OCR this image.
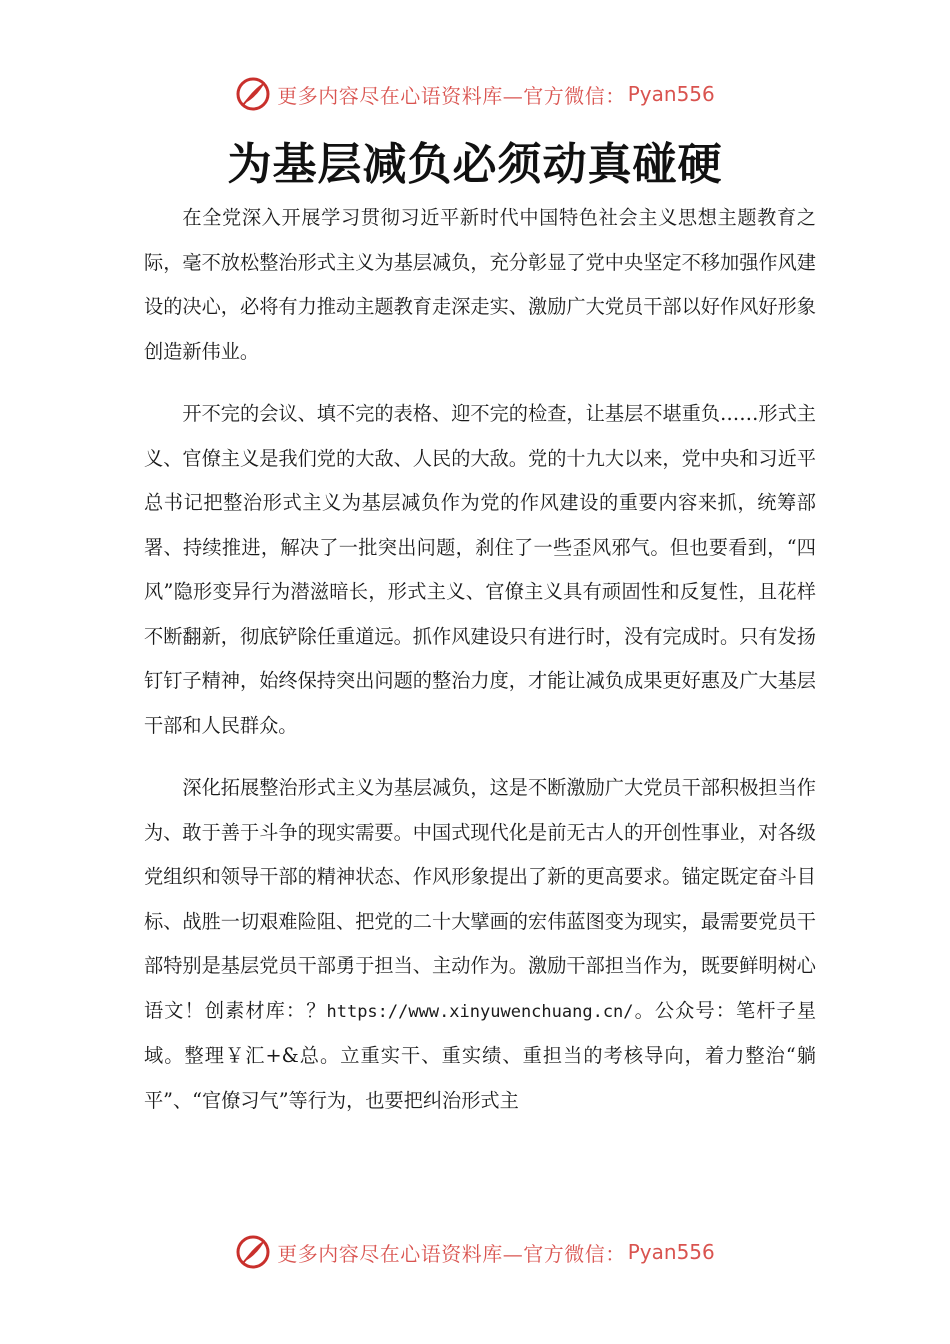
更多内容尽在心语资料库—官方微信： Pyan556
为基层减负必须动真碰硬

在全党深入开展学习贯彻习近平新时代中国特色社会主义思想主题教育之际，毫不放松整治形式主义为基层减负，充分彰显了党中央坚定不移加强作风建设的决心，必将有力推动主题教育走深走实、激励广大党员干部以好作风好形象创造新伟业。

开不完的会议、填不完的表格、迎不完的检查，让基层不堪重负……形式主义、官僚主义是我们党的大敌、人民的大敌。党的十九大以来，党中央和习近平总书记把整治形式主义为基层减负作为党的作风建设的重要内容来抓，统筹部署、持续推进，解决了一批突出问题，刹住了一些歪风邪气。但也要看到，“四风”隐形变异行为潜滋暗长，形式主义、官僚主义具有顽固性和反复性，且花样不断翻新，彻底铲除任重道远。抓作风建设只有进行时，没有完成时。只有发扬钉钉子精神，始终保持突出问题的整治力度，才能让减负成果更好惠及广大基层干部和人民群众。

深化拓展整治形式主义为基层减负，这是不断激励广大党员干部积极担当作为、敢于善于斗争的现实需要。中国式现代化是前无古人的开创性事业，对各级党组织和领导干部的精神状态、作风形象提出了新的更高要求。锚定既定奋斗目标、战胜一切艰难险阻、把党的二十大擘画的宏伟蓝图变为现实，最需要党员干部特别是基层党员干部勇于担当、主动作为。激励干部担当作为，既要鲜明树心语文！创素材库：？https://www.xinyuwenchuang.cn/。公众号：笔杆子星域。整理￥汇+&总。立重实干、重实绩、重担当的考核导向，着力整治“躺平”、“官僚习气”等行为，也要把纠治形式主

更多内容尽在心语资料库—官方微信： Pyan556
